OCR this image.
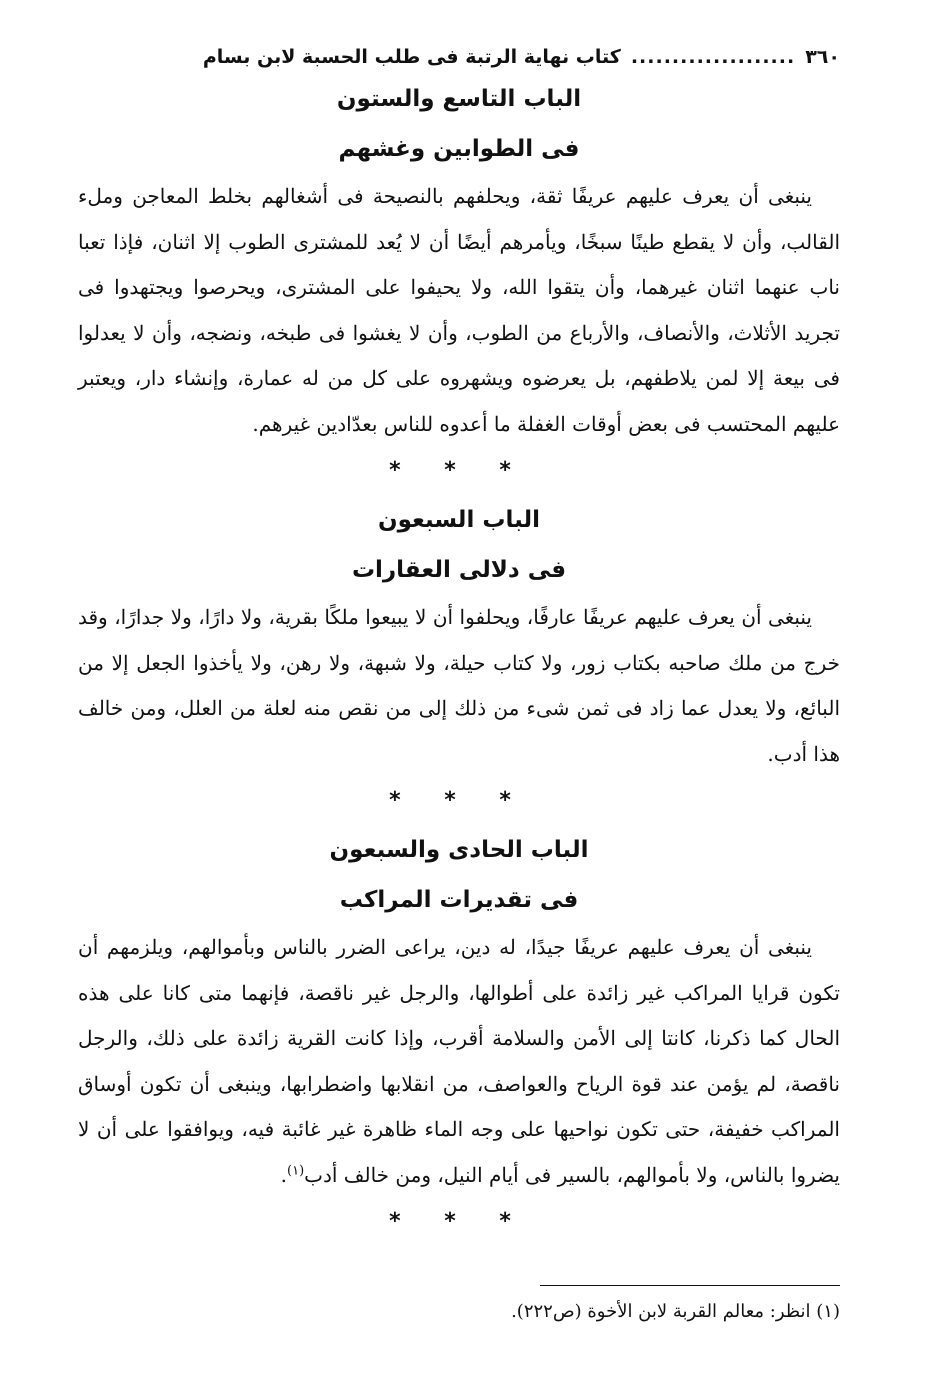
٣٦٠
....................
كتاب نهاية الرتبة فى طلب الحسبة لابن بسام
الباب التاسع والستون
فى الطوابين وغشهم

ينبغى أن يعرف عليهم عريفًا ثقة، ويحلفهم بالنصيحة فى أشغالهم بخلط المعاجن وملء القالب، وأن لا يقطع طينًا سبخًا، ويأمرهم أيضًا أن لا يُعد للمشترى الطوب إلا اثنان، فإذا تعبا ناب عنهما اثنان غيرهما، وأن يتقوا الله، ولا يحيفوا على المشترى، ويحرصوا ويجتهدوا فى تجريد الأثلاث، والأنصاف، والأرباع من الطوب، وأن لا يغشوا فى طبخه، ونضجه، وأن لا يعدلوا فى بيعة إلا لمن يلاطفهم، بل يعرضوه ويشهروه على كل من له عمارة، وإنشاء دار، ويعتبر عليهم المحتسب فى بعض أوقات الغفلة ما أعدوه للناس بعدّادين غيرهم.

* * *
الباب السبعون
فى دلالى العقارات

ينبغى أن يعرف عليهم عريفًا عارفًا، ويحلفوا أن لا يبيعوا ملكًا بقرية، ولا دارًا، ولا جدارًا، وقد خرج من ملك صاحبه بكتاب زور، ولا كتاب حيلة، ولا شبهة، ولا رهن، ولا يأخذوا الجعل إلا من البائع، ولا يعدل عما زاد فى ثمن شىء من ذلك إلى من نقص منه لعلة من العلل، ومن خالف هذا أدب.

* * *
الباب الحادى والسبعون
فى تقديرات المراكب

ينبغى أن يعرف عليهم عريفًا جيدًا، له دين، يراعى الضرر بالناس وبأموالهم، ويلزمهم أن تكون قرايا المراكب غير زائدة على أطوالها، والرجل غير ناقصة، فإنهما متى كانا على هذه الحال كما ذكرنا، كانتا إلى الأمن والسلامة أقرب، وإذا كانت القرية زائدة على ذلك، والرجل ناقصة، لم يؤمن عند قوة الرياح والعواصف، من انقلابها واضطرابها، وينبغى أن تكون أوساق المراكب خفيفة، حتى تكون نواحيها على وجه الماء ظاهرة غير غائبة فيه، ويوافقوا على أن لا يضروا بالناس، ولا بأموالهم، بالسير فى أيام النيل، ومن خالف أدب$^{(١)}$.

* * *
(١) انظر: معالم القربة لابن الأخوة (ص٢٢٢).
